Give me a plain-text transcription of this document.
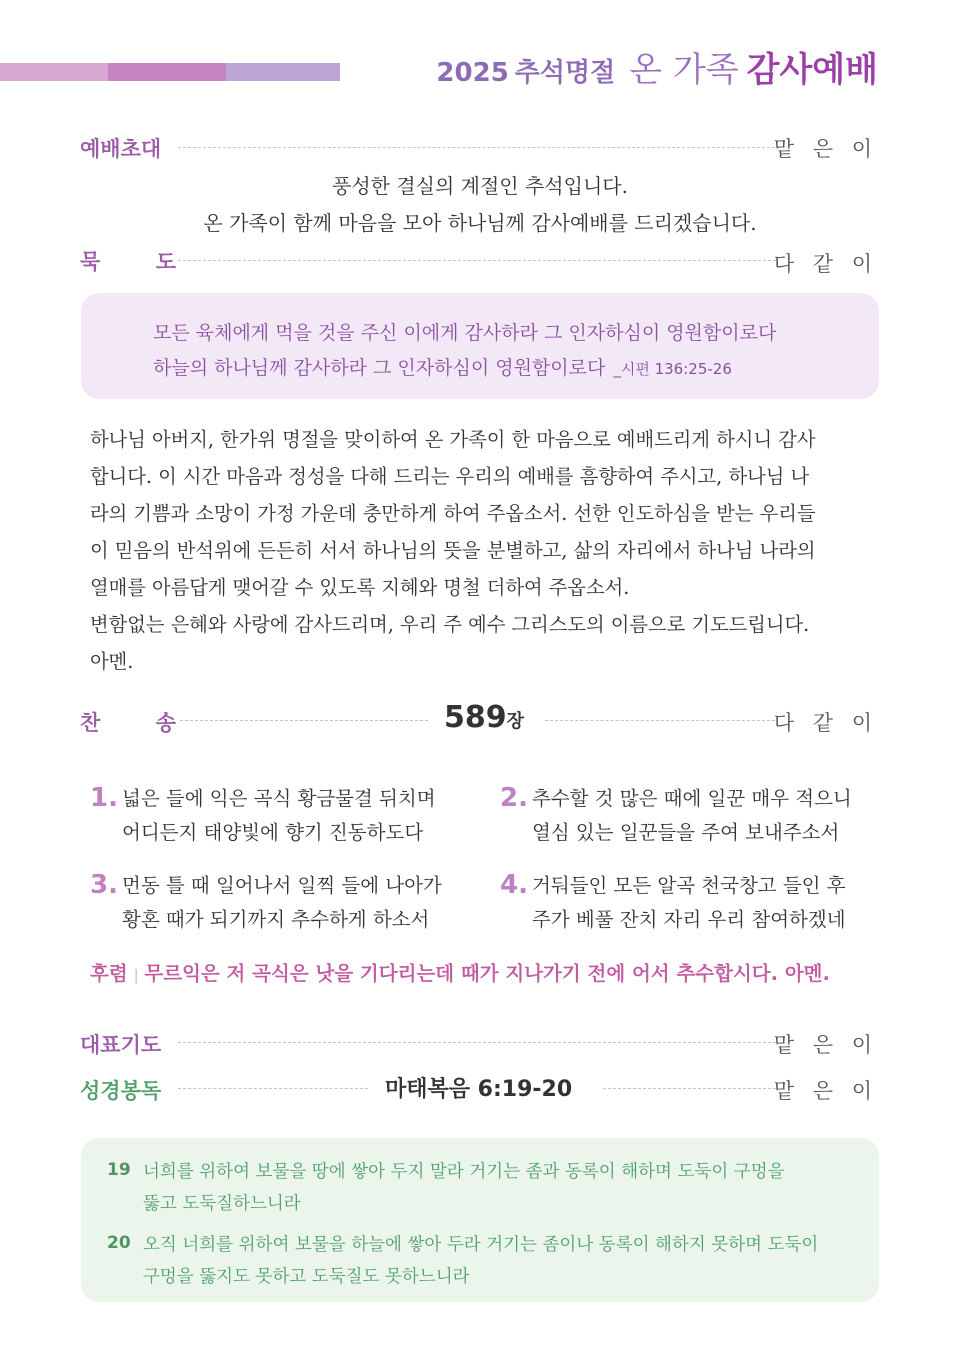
2025 추석명절 온 가족 감사예배
예배초대	맡 은 이
풍성한 결실의 계절인 추석입니다.
온 가족이 함께 마음을 모아 하나님께 감사예배를 드리겠습니다.
묵 도	다 같 이
모든 육체에게 먹을 것을 주신 이에게 감사하라 그 인자하심이 영원함이로다
하늘의 하나님께 감사하라 그 인자하심이 영원함이로다 _시편 136:25-26
하나님 아버지, 한가위 명절을 맞이하여 온 가족이 한 마음으로 예배드리게 하시니 감사
합니다. 이 시간 마음과 정성을 다해 드리는 우리의 예배를 흠향하여 주시고, 하나님 나
라의 기쁨과 소망이 가정 가운데 충만하게 하여 주옵소서. 선한 인도하심을 받는 우리들
이 믿음의 반석위에 든든히 서서 하나님의 뜻을 분별하고, 삶의 자리에서 하나님 나라의
열매를 아름답게 맺어갈 수 있도록 지혜와 명철 더하여 주옵소서.
변함없는 은혜와 사랑에 감사드리며, 우리 주 예수 그리스도의 이름으로 기도드립니다.
아멘.
찬 송	589장	다 같 이
1. 넓은 들에 익은 곡식 황금물결 뒤치며
어디든지 태양빛에 향기 진동하도다
2. 추수할 것 많은 때에 일꾼 매우 적으니
열심 있는 일꾼들을 주여 보내주소서
3. 먼동 틀 때 일어나서 일찍 들에 나아가
황혼 때가 되기까지 추수하게 하소서
4. 거둬들인 모든 알곡 천국창고 들인 후
주가 베풀 잔치 자리 우리 참여하겠네
후렴 | 무르익은 저 곡식은 낫을 기다리는데 때가 지나가기 전에 어서 추수합시다. 아멘.
대표기도	맡 은 이
성경봉독	마태복음 6:19-20	맡 은 이
19 너희를 위하여 보물을 땅에 쌓아 두지 말라 거기는 좀과 동록이 해하며 도둑이 구멍을
뚫고 도둑질하느니라
20 오직 너희를 위하여 보물을 하늘에 쌓아 두라 거기는 좀이나 동록이 해하지 못하며 도둑이
구멍을 뚫지도 못하고 도둑질도 못하느니라
